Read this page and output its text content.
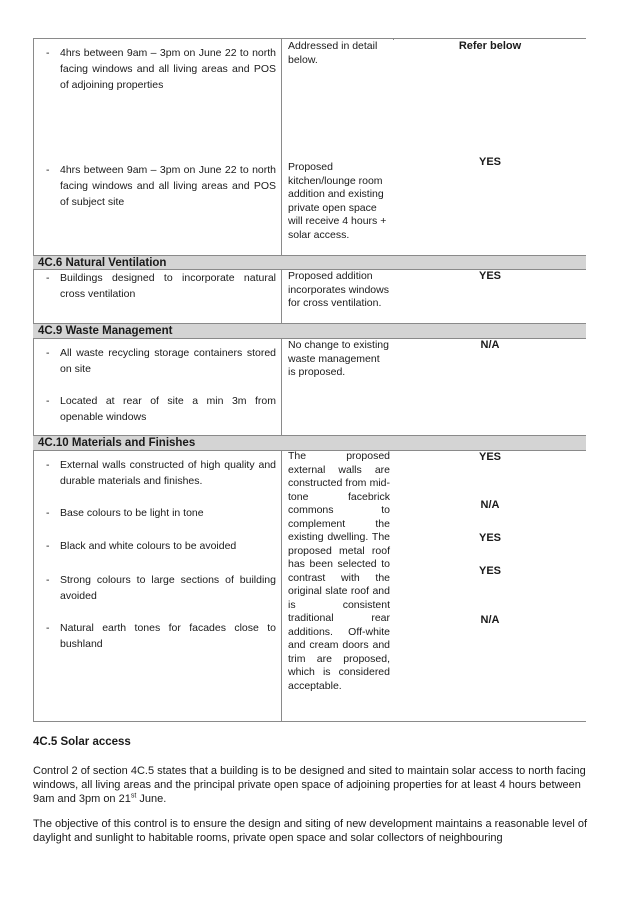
- 4hrs between 9am – 3pm on June 22 to north facing windows and all living areas and POS of adjoining properties
Addressed in detail below.
Refer below
- 4hrs between 9am – 3pm on June 22 to north facing windows and all living areas and POS of subject site
Proposed kitchen/lounge room addition and existing private open space will receive 4 hours + solar access.
YES
4C.6 Natural Ventilation
- Buildings designed to incorporate natural cross ventilation
Proposed addition incorporates windows for cross ventilation.
YES
4C.9 Waste Management
- All waste recycling storage containers stored on site
- Located at rear of site a min 3m from openable windows
No change to existing waste management is proposed.
N/A
4C.10 Materials and Finishes
- External walls constructed of high quality and durable materials and finishes.
- Base colours to be light in tone
- Black and white colours to be avoided
- Strong colours to large sections of building avoided
- Natural earth tones for facades close to bushland
The proposed external walls are constructed from mid-tone facebrick commons to complement the existing dwelling. The proposed metal roof has been selected to contrast with the original slate roof and is consistent traditional rear additions. Off-white and cream doors and trim are proposed, which is considered acceptable.
YES
N/A
YES
YES
N/A
4C.5 Solar access
Control 2 of section 4C.5 states that a building is to be designed and sited to maintain solar access to north facing windows, all living areas and the principal private open space of adjoining properties for at least 4 hours between 9am and 3pm on 21st June.
The objective of this control is to ensure the design and siting of new development maintains a reasonable level of daylight and sunlight to habitable rooms, private open space and solar collectors of neighbouring
